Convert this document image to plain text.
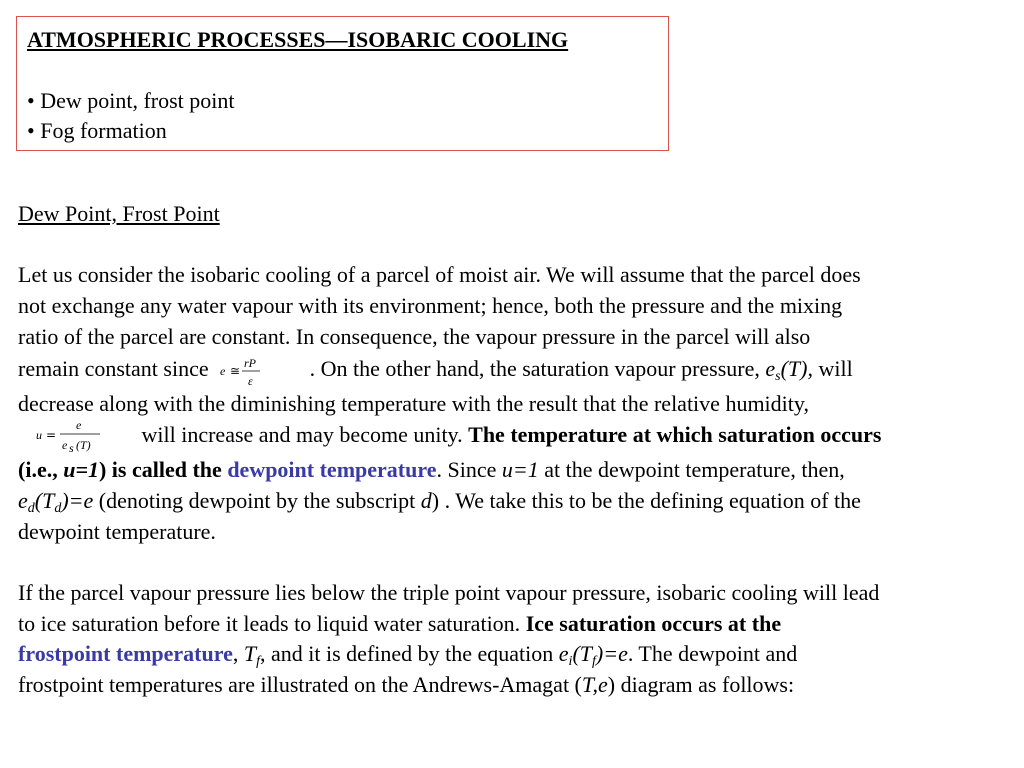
ATMOSPHERIC PROCESSES—ISOBARIC COOLING
• Dew point, frost point
• Fog formation
Dew Point, Frost Point
Let us consider the isobaric cooling of a parcel of moist air. We will assume that the parcel does
not exchange any water vapour with its environment; hence, both the pressure and the mixing
ratio of the parcel are constant. In consequence, the vapour pressure in the parcel will also
remain constant since e ≅
rP
ε	. On the other hand, the saturation vapour pressure, $e_s(T)$, will
decrease along with the diminishing temperature with the result that the relative humidity,
u =
e
e s (T) will increase and may become unity. The temperature at which saturation occurs
(i.e., u=1) is called the dewpoint temperature. Since u=1 at the dewpoint temperature, then,
$e_d(T_d)=e$ (denoting dewpoint by the subscript d) . We take this to be the defining equation of the
dewpoint temperature.
If the parcel vapour pressure lies below the triple point vapour pressure, isobaric cooling will lead
to ice saturation before it leads to liquid water saturation. Ice saturation occurs at the
frostpoint temperature, $T_f$, and it is defined by the equation $e_i(T_f)=e$. The dewpoint and
frostpoint temperatures are illustrated on the Andrews-Amagat (T,e) diagram as follows:
